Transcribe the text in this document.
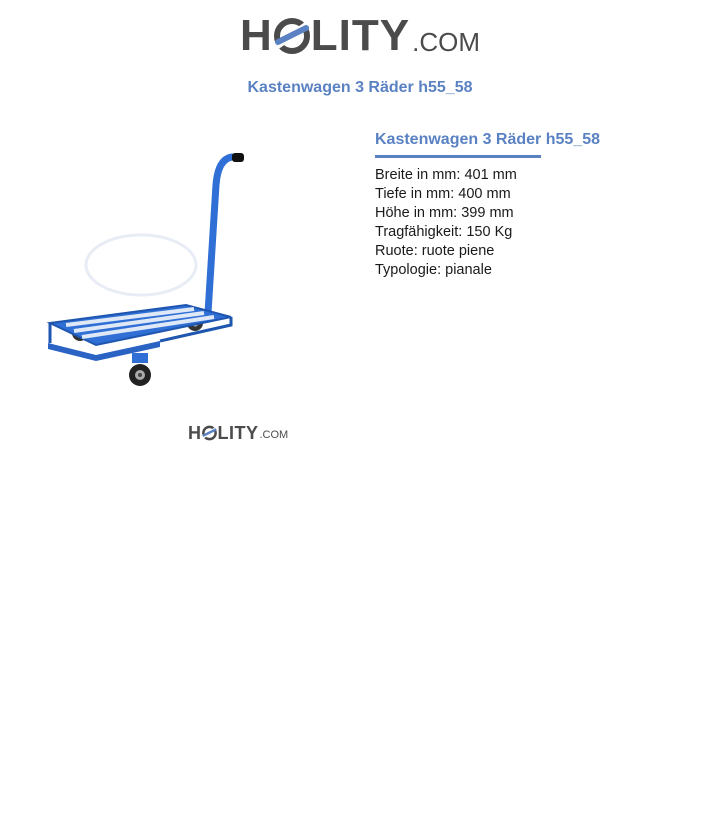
H LITY .COM
Kastenwagen 3 Räder h55_58
H LITY .COM
Kastenwagen 3 Räder h55_58
Breite in mm: 401 mm
Tiefe in mm: 400 mm
Höhe in mm: 399 mm
Tragfähigkeit: 150 Kg
Ruote: ruote piene
Typologie: pianale
